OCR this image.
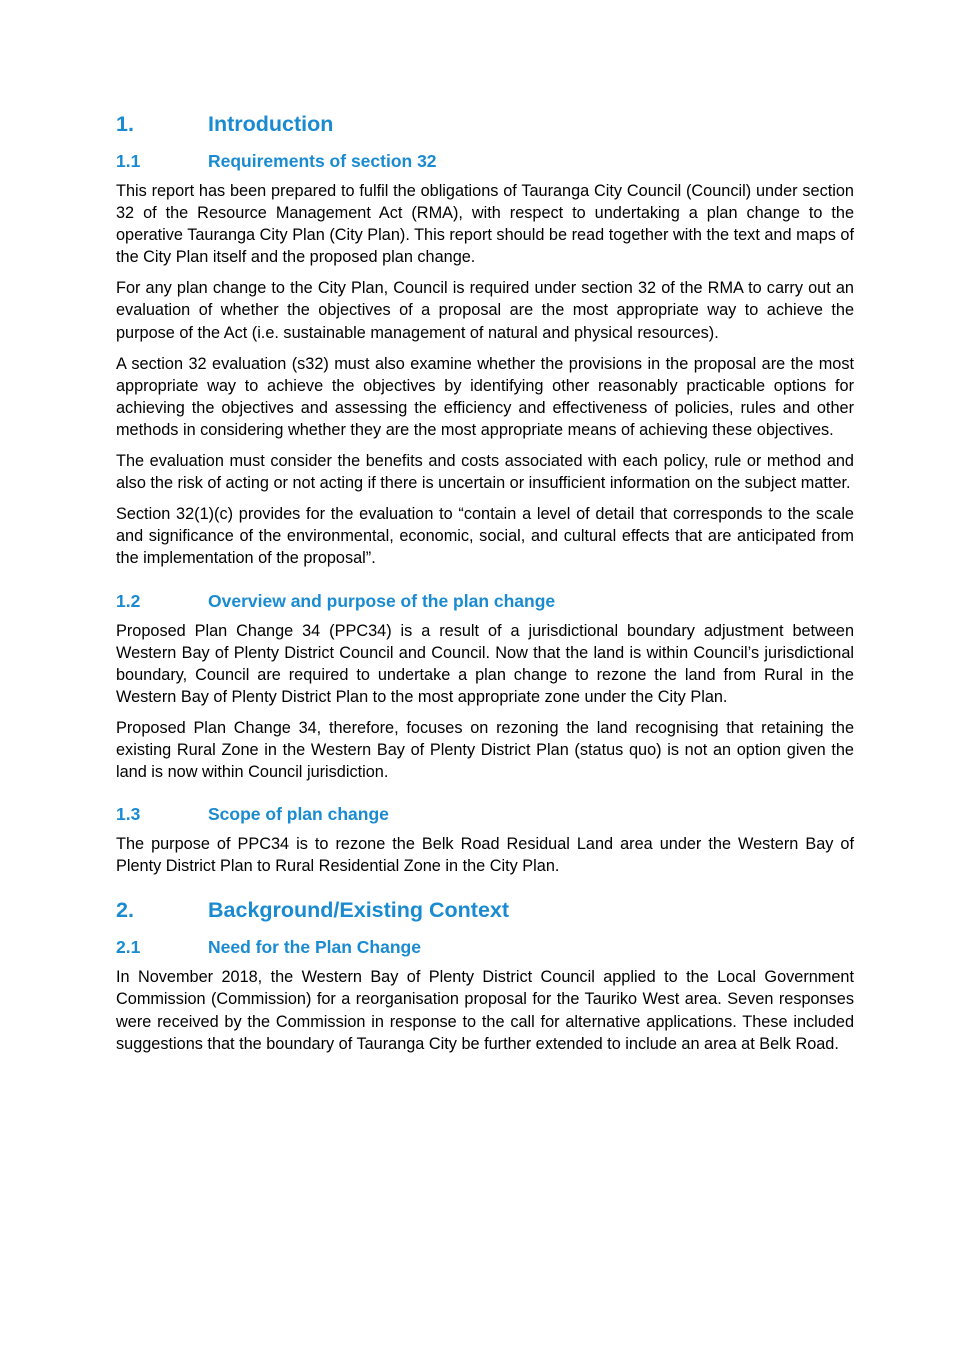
1.	Introduction
1.1	Requirements of section 32

This report has been prepared to fulfil the obligations of Tauranga City Council (Council) under section 32 of the Resource Management Act (RMA), with respect to undertaking a plan change to the operative Tauranga City Plan (City Plan). This report should be read together with the text and maps of the City Plan itself and the proposed plan change.

For any plan change to the City Plan, Council is required under section 32 of the RMA to carry out an evaluation of whether the objectives of a proposal are the most appropriate way to achieve the purpose of the Act (i.e. sustainable management of natural and physical resources).

A section 32 evaluation (s32) must also examine whether the provisions in the proposal are the most appropriate way to achieve the objectives by identifying other reasonably practicable options for achieving the objectives and assessing the efficiency and effectiveness of policies, rules and other methods in considering whether they are the most appropriate means of achieving these objectives.

The evaluation must consider the benefits and costs associated with each policy, rule or method and also the risk of acting or not acting if there is uncertain or insufficient information on the subject matter.

Section 32(1)(c) provides for the evaluation to “contain a level of detail that corresponds to the scale and significance of the environmental, economic, social, and cultural effects that are anticipated from the implementation of the proposal”.

1.2	Overview and purpose of the plan change

Proposed Plan Change 34 (PPC34) is a result of a jurisdictional boundary adjustment between Western Bay of Plenty District Council and Council. Now that the land is within Council’s jurisdictional boundary, Council are required to undertake a plan change to rezone the land from Rural in the Western Bay of Plenty District Plan to the most appropriate zone under the City Plan.

Proposed Plan Change 34, therefore, focuses on rezoning the land recognising that retaining the existing Rural Zone in the Western Bay of Plenty District Plan (status quo) is not an option given the land is now within Council jurisdiction.

1.3	Scope of plan change

The purpose of PPC34 is to rezone the Belk Road Residual Land area under the Western Bay of Plenty District Plan to Rural Residential Zone in the City Plan.

2.	Background/Existing Context
2.1	Need for the Plan Change

In November 2018, the Western Bay of Plenty District Council applied to the Local Government Commission (Commission) for a reorganisation proposal for the Tauriko West area. Seven responses were received by the Commission in response to the call for alternative applications. These included suggestions that the boundary of Tauranga City be further extended to include an area at Belk Road.
